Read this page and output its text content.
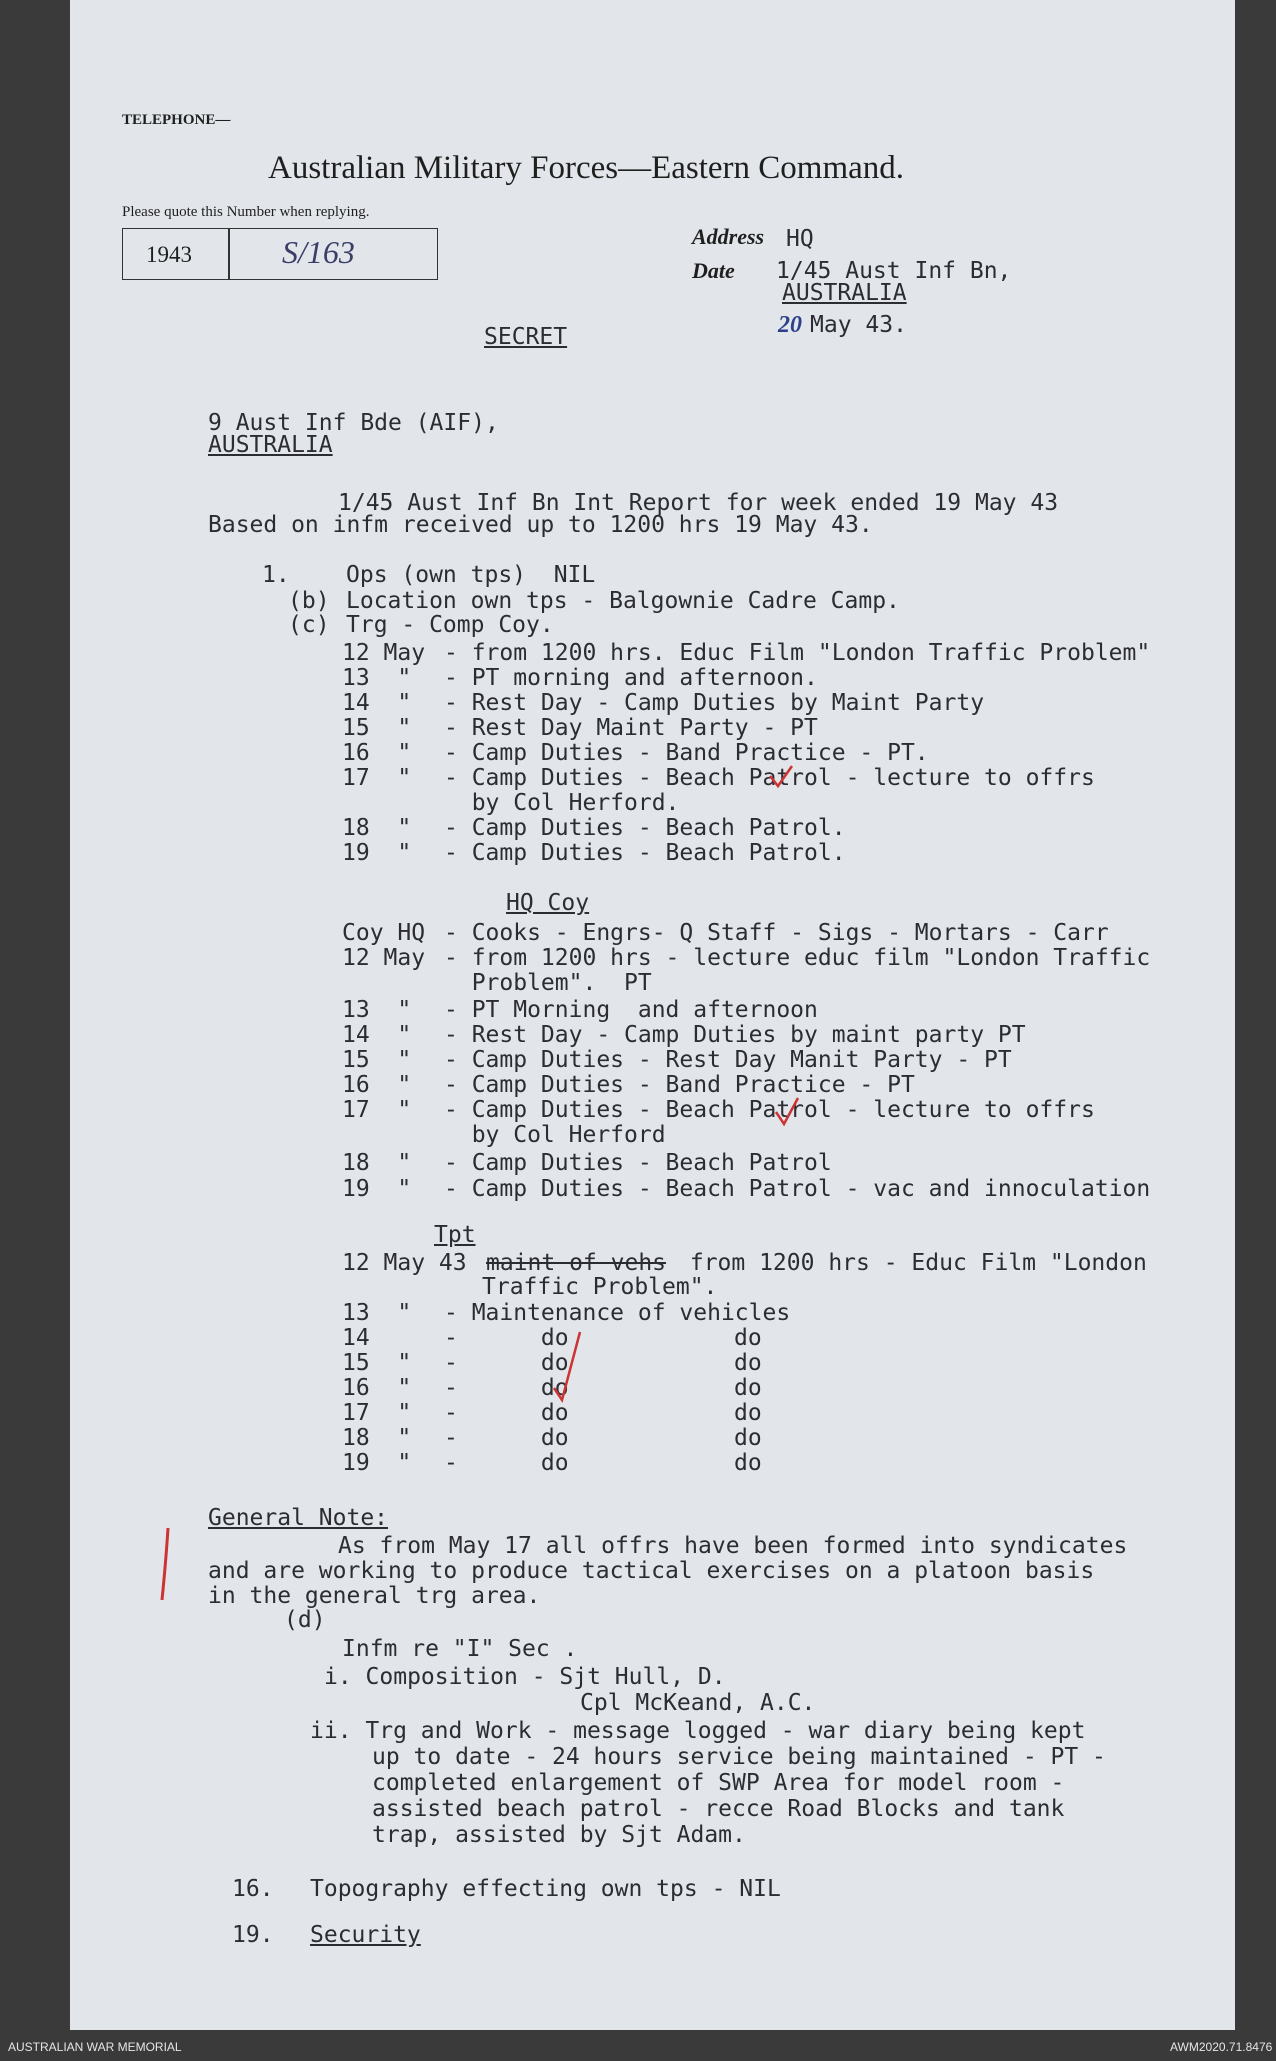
TELEPHONE—
Australian Military Forces—Eastern Command.
Please quote this Number when replying.
1943	S/163	Address HQ
Date 1/45 Aust Inf Bn,
AUSTRALIA
20 May 43.
SECRET
9 Aust Inf Bde (AIF),
AUSTRALIA
1/45 Aust Inf Bn Int Report for week ended 19 May 43
Based on infm received up to 1200 hrs 19 May 43.
1. Ops (own tps)  NIL
(b) Location own tps - Balgownie Cadre Camp.
(c) Trg - Comp Coy.
12 May - from 1200 hrs. Educ Film "London Traffic Problem"
13  " - PT morning and afternoon.
14  " - Rest Day - Camp Duties by Maint Party
15  " - Rest Day Maint Party - PT
16  " - Camp Duties - Band Practice - PT.
17  " - Camp Duties - Beach Patrol - lecture to offrs
by Col Herford.
18  " - Camp Duties - Beach Patrol.
19  " - Camp Duties - Beach Patrol.
HQ Coy
Coy HQ - Cooks - Engrs- Q Staff - Sigs - Mortars - Carr
12 May - from 1200 hrs - lecture educ film "London Traffic
Problem".  PT
13  " - PT Morning  and afternoon
14  " - Rest Day - Camp Duties by maint party PT
15  " - Camp Duties - Rest Day Manit Party - PT
16  " - Camp Duties - Band Practice - PT
17  " - Camp Duties - Beach Patrol - lecture to offrs
by Col Herford
18  " - Camp Duties - Beach Patrol
19  " - Camp Duties - Beach Patrol - vac and innoculation
Tpt
12 May 43 maint of vehs from 1200 hrs - Educ Film "London
Traffic Problem".
13  " - Maintenance of vehicles
14	-      do	do
15  " -      do	do
16  " -      do	do
17  " -      do	do
18  " -      do	do
19  " -      do	do
General Note:
As from May 17 all offrs have been formed into syndicates
and are working to produce tactical exercises on a platoon basis
in the general trg area.
(d)
Infm re "I" Sec .
i. Composition - Sjt Hull, D.
Cpl McKeand, A.C.
ii. Trg and Work - message logged - war diary being kept
up to date - 24 hours service being maintained - PT -
completed enlargement of SWP Area for model room -
assisted beach patrol - recce Road Blocks and tank
trap, assisted by Sjt Adam.
16. Topography effecting own tps - NIL
19. Security
AUSTRALIAN WAR MEMORIAL	AWM2020.71.8476
